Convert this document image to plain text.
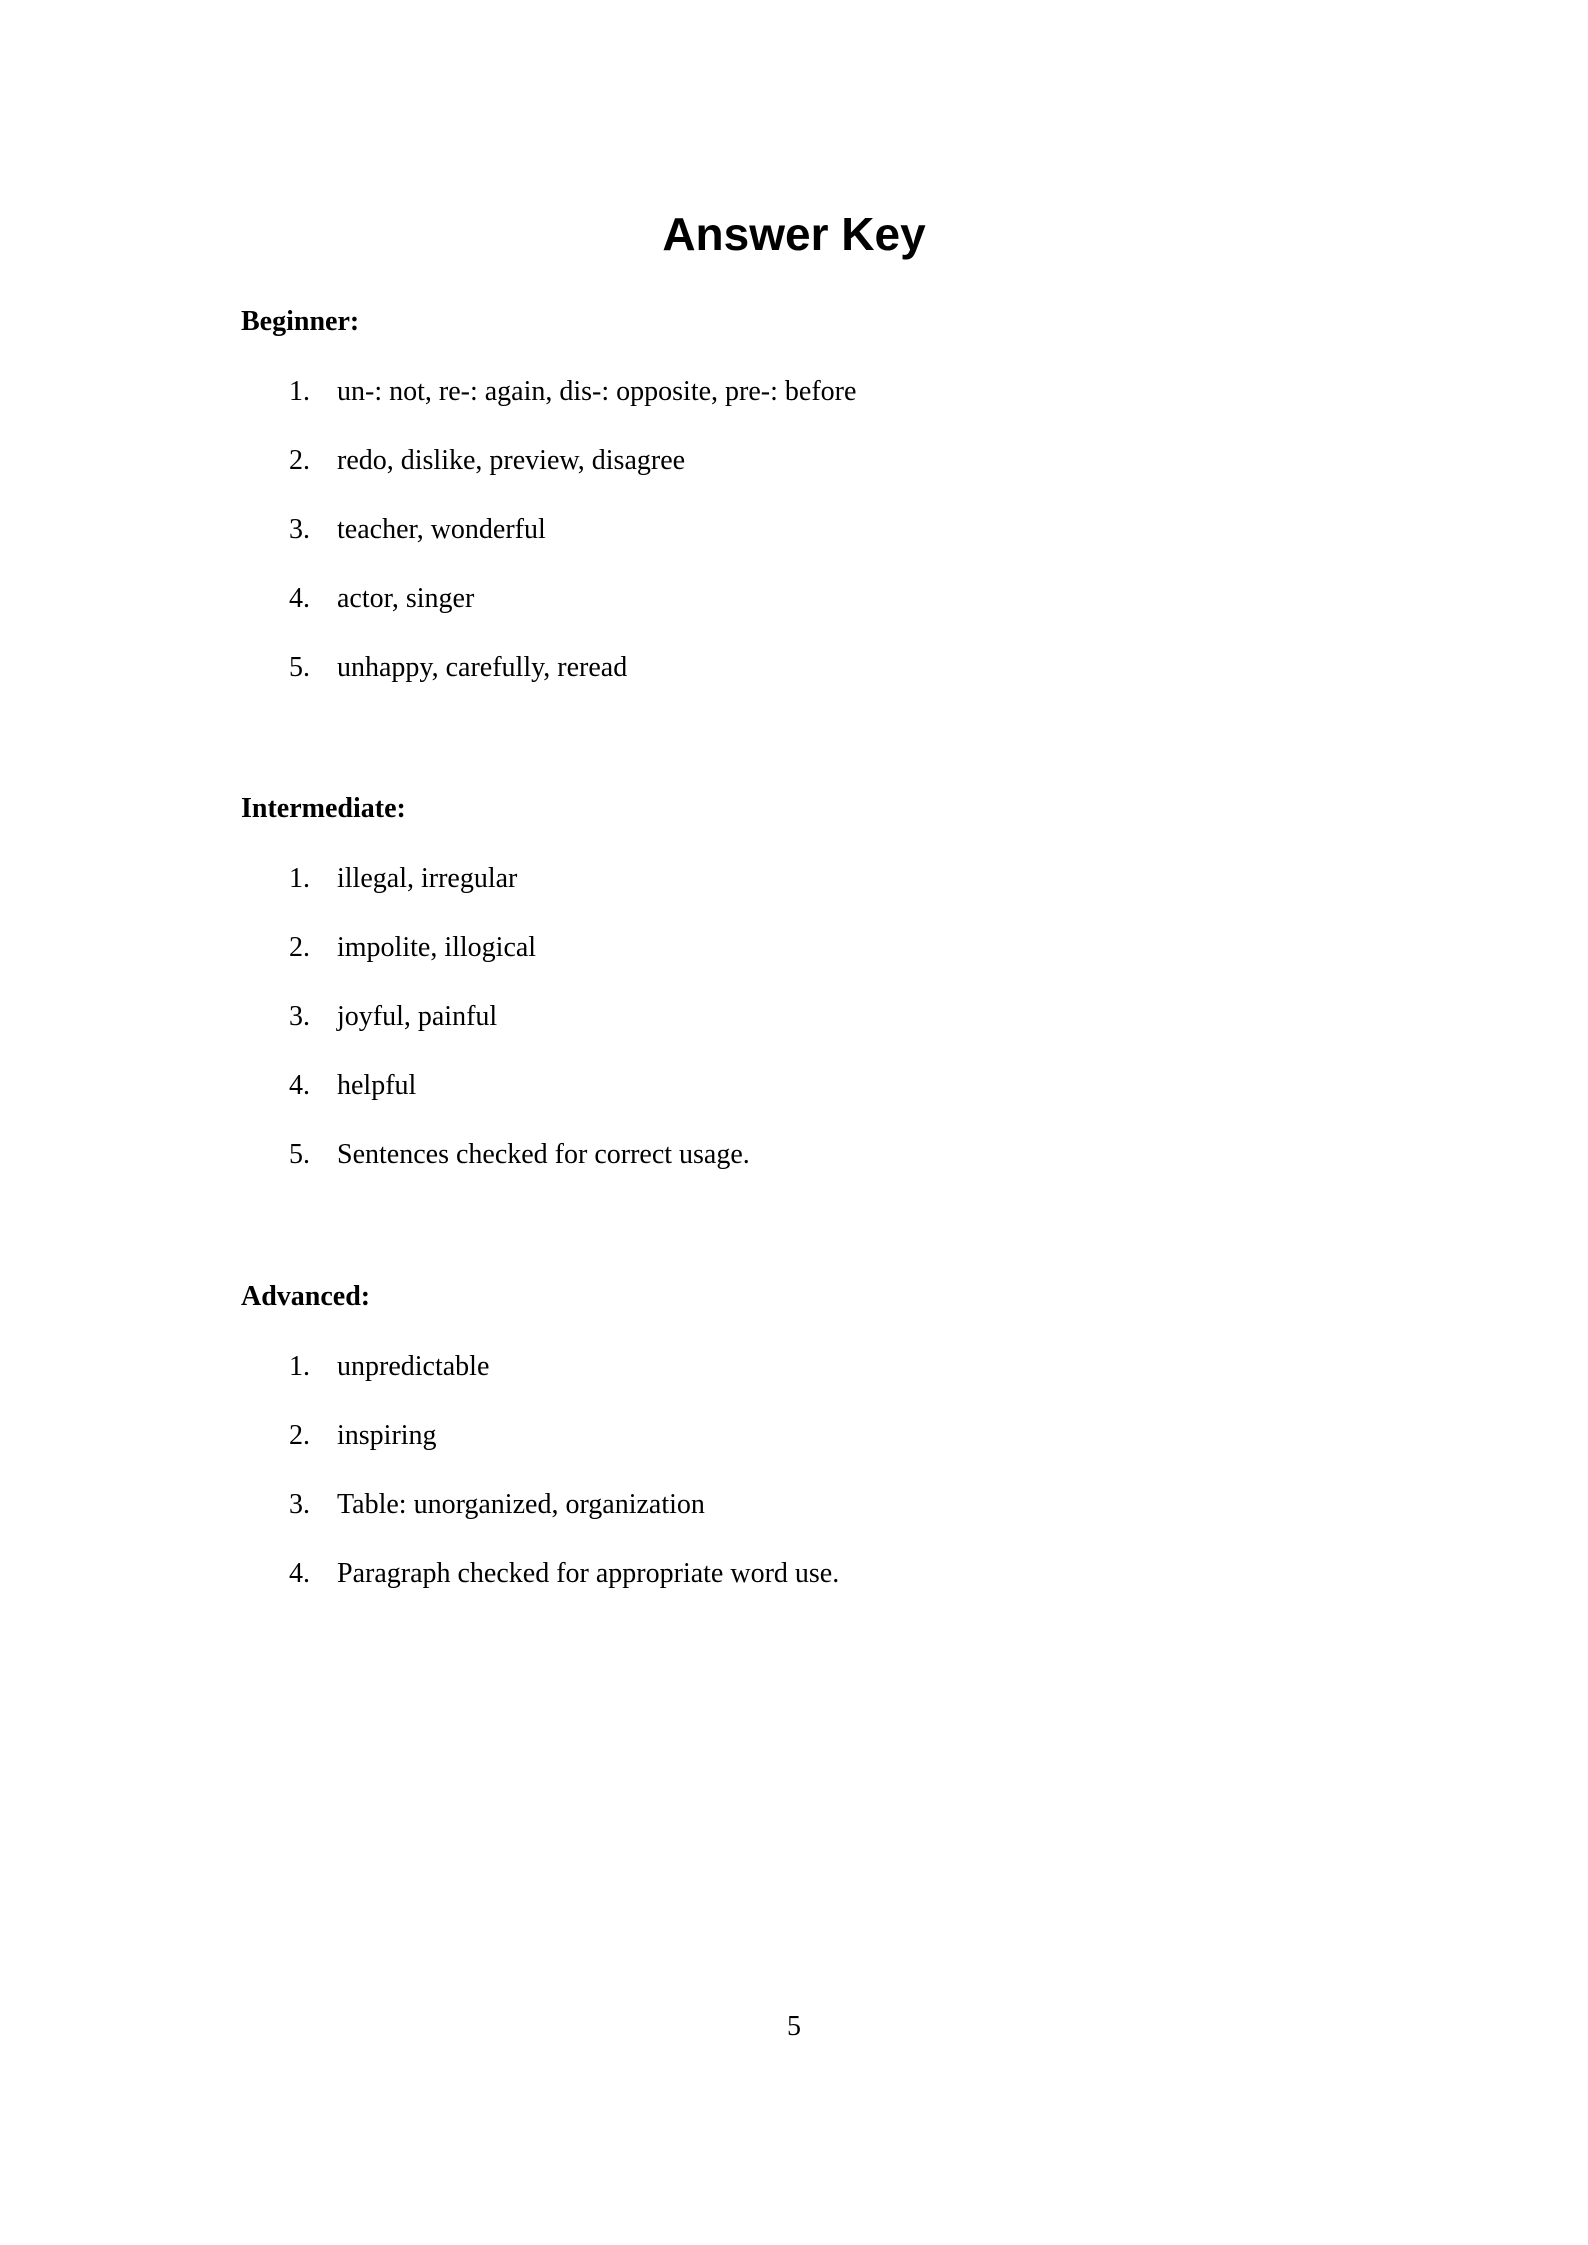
Answer Key
Beginner:
1. un-: not, re-: again, dis-: opposite, pre-: before
2. redo, dislike, preview, disagree
3. teacher, wonderful
4. actor, singer
5. unhappy, carefully, reread
Intermediate:
1. illegal, irregular
2. impolite, illogical
3. joyful, painful
4. helpful
5. Sentences checked for correct usage.
Advanced:
1. unpredictable
2. inspiring
3. Table: unorganized, organization
4. Paragraph checked for appropriate word use.
5
